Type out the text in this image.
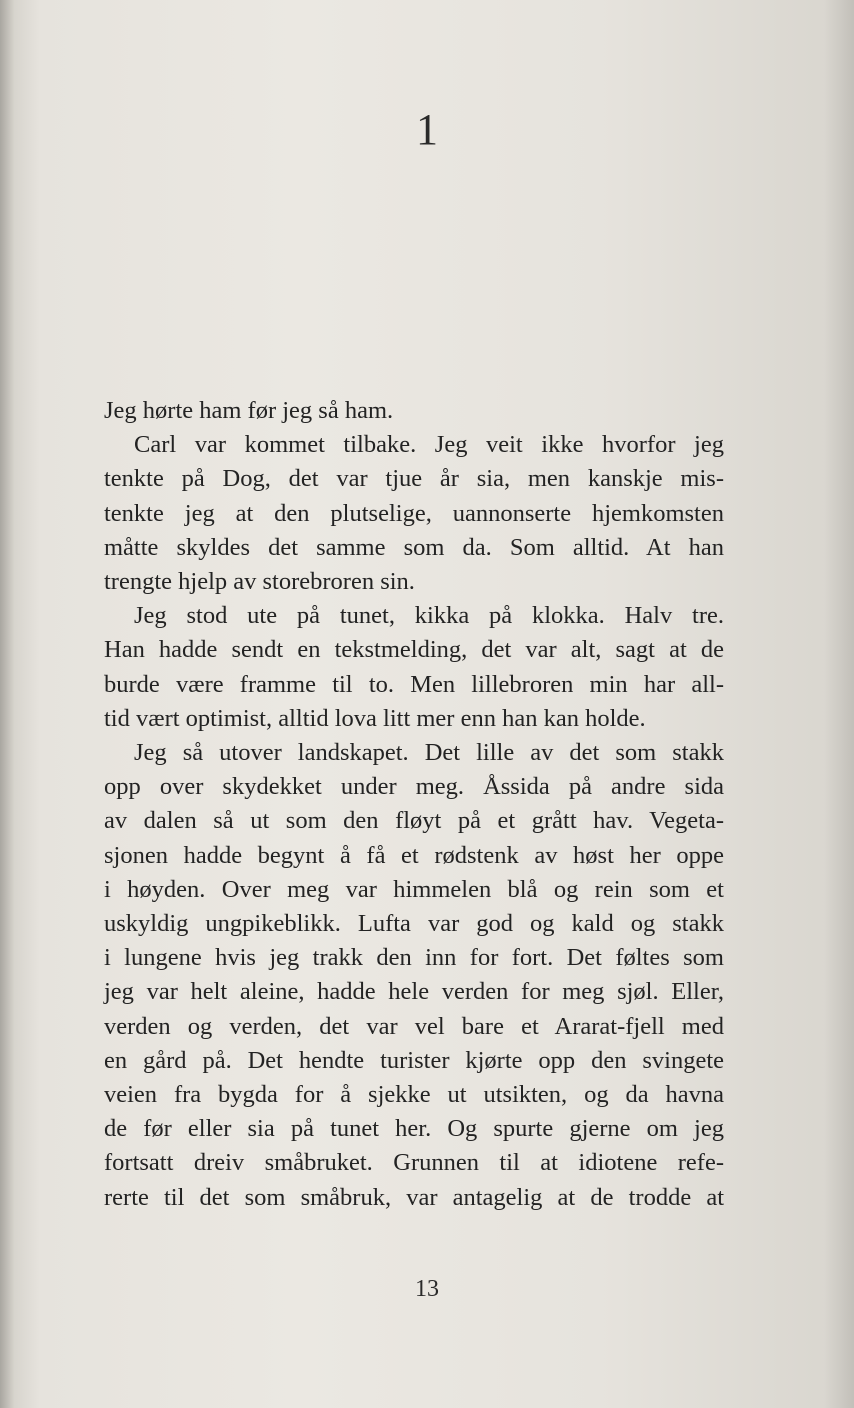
1
Jeg hørte ham før jeg så ham.
Carl var kommet tilbake. Jeg veit ikke hvorfor jeg
tenkte på Dog, det var tjue år sia, men kanskje mis-
tenkte jeg at den plutselige, uannonserte hjemkomsten
måtte skyldes det samme som da. Som alltid. At han
trengte hjelp av storebroren sin.
Jeg stod ute på tunet, kikka på klokka. Halv tre.
Han hadde sendt en tekstmelding, det var alt, sagt at de
burde være framme til to. Men lillebroren min har all-
tid vært optimist, alltid lova litt mer enn han kan holde.
Jeg så utover landskapet. Det lille av det som stakk
opp over skydekket under meg. Åssida på andre sida
av dalen så ut som den fløyt på et grått hav. Vegeta-
sjonen hadde begynt å få et rødstenk av høst her oppe
i høyden. Over meg var himmelen blå og rein som et
uskyldig ungpikeblikk. Lufta var god og kald og stakk
i lungene hvis jeg trakk den inn for fort. Det føltes som
jeg var helt aleine, hadde hele verden for meg sjøl. Eller,
verden og verden, det var vel bare et Ararat-fjell med
en gård på. Det hendte turister kjørte opp den svingete
veien fra bygda for å sjekke ut utsikten, og da havna
de før eller sia på tunet her. Og spurte gjerne om jeg
fortsatt dreiv småbruket. Grunnen til at idiotene refe-
rerte til det som småbruk, var antagelig at de trodde at
13
